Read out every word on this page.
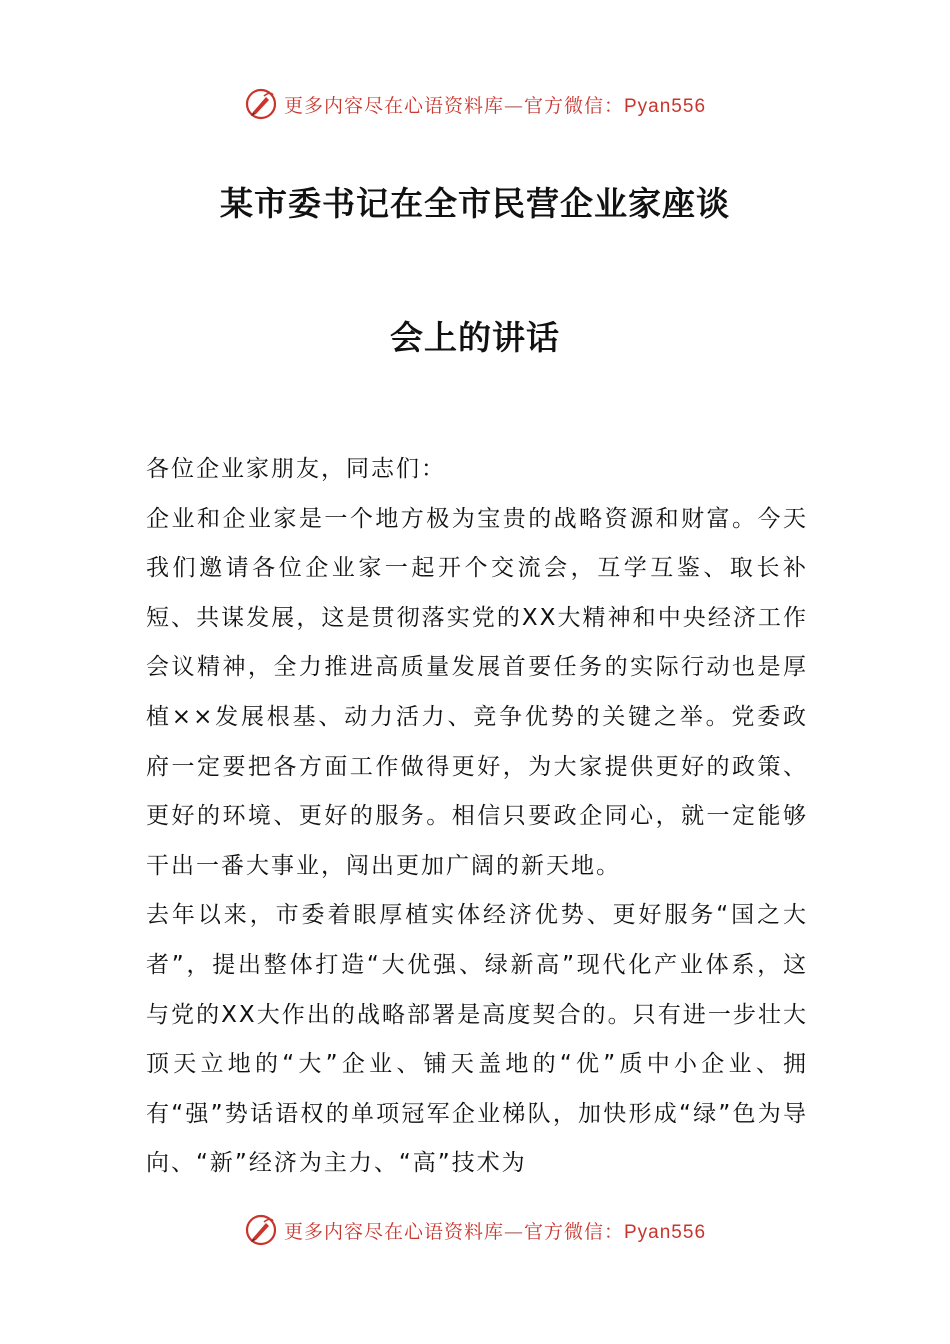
更多内容尽在心语资料库—官方微信：Pyan556
某市委书记在全市民营企业家座谈
会上的讲话

各位企业家朋友，同志们：

企业和企业家是一个地方极为宝贵的战略资源和财富。今天我们邀请各位企业家一起开个交流会，互学互鉴、取长补短、共谋发展，这是贯彻落实党的XX大精神和中央经济工作会议精神，全力推进高质量发展首要任务的实际行动也是厚植××发展根基、动力活力、竞争优势的关键之举。党委政府一定要把各方面工作做得更好，为大家提供更好的政策、更好的环境、更好的服务。相信只要政企同心，就一定能够干出一番大事业，闯出更加广阔的新天地。

去年以来，市委着眼厚植实体经济优势、更好服务“国之大者”，提出整体打造“大优强、绿新高”现代化产业体系，这与党的XX大作出的战略部署是高度契合的。只有进一步壮大顶天立地的“大”企业、铺天盖地的“优”质中小企业、拥有“强”势话语权的单项冠军企业梯队，加快形成“绿”色为导向、“新”经济为主力、“高”技术为

更多内容尽在心语资料库—官方微信：Pyan556
